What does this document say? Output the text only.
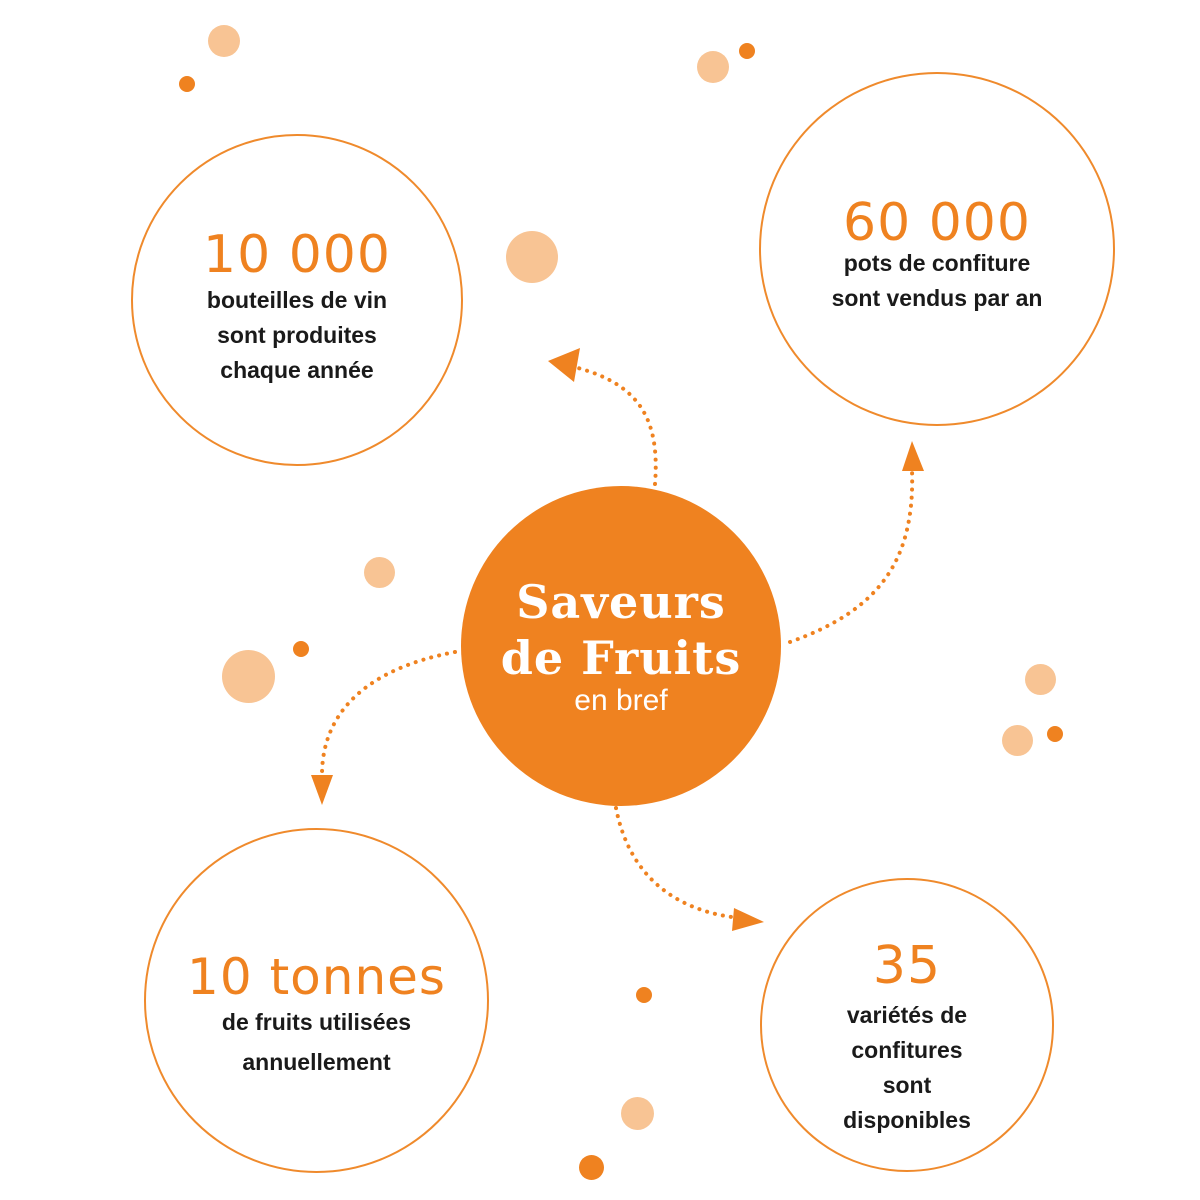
10 000
bouteilles de vin
sont produites
chaque année
60 000
pots de confiture
sont vendus par an
10 tonnes
de fruits utilisées
annuellement
35
variétés de
confitures
sont
disponibles
Saveurs
de Fruits
en bref
